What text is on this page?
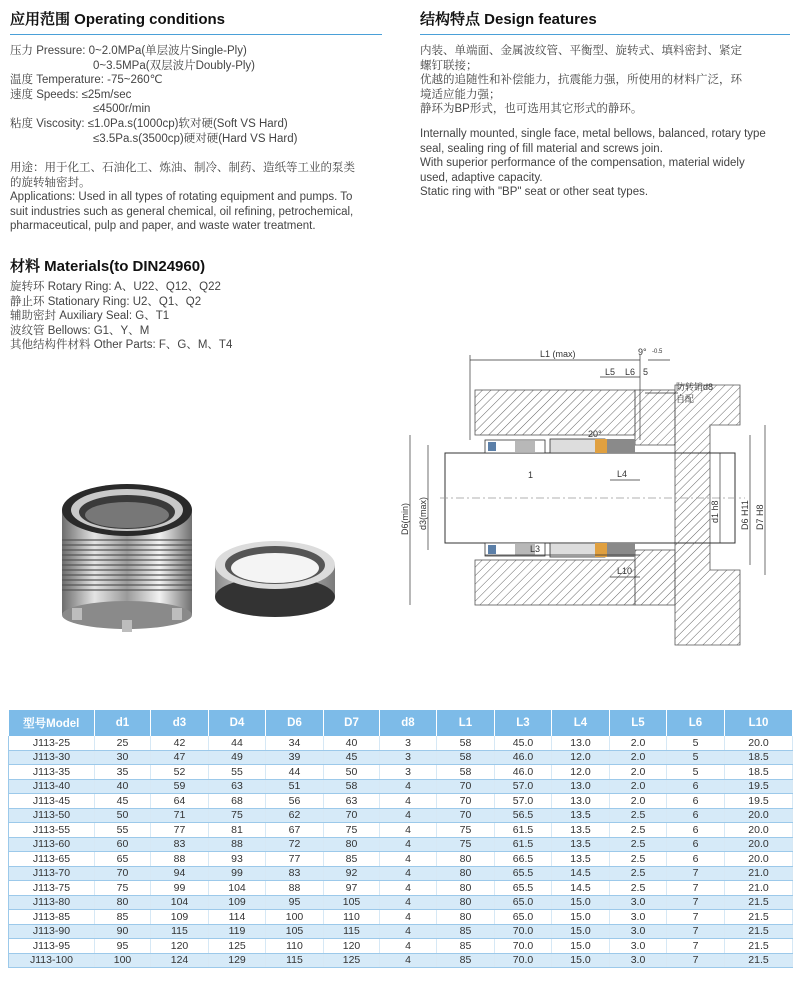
应用范围 Operating conditions
压力 Pressure: 0~2.0MPa(单层波片Single-Ply)
0~3.5MPa(双层波片Doubly-Ply)
温度 Temperature: -75~260℃
速度 Speeds: ≤25m/sec
≤4500r/min
粘度 Viscosity: ≤1.0Pa.s(1000cp)软对硬(Soft VS Hard)
≤3.5Pa.s(3500cp)硬对硬(Hard VS Hard)
用途：用于化工、石油化工、炼油、制冷、制药、造纸等工业的泵类
的旋转轴密封。
Applications: Used in all types of rotating equipment and pumps. To
suit industries such as general chemical, oil refining, petrochemical,
pharmaceutical, pulp and paper, and waste water treatment.
材料 Materials(to DIN24960)
旋转环 Rotary Ring: A、U22、Q12、Q22
静止环 Stationary Ring: U2、Q1、Q2
辅助密封 Auxiliary Seal: G、T1
波纹管 Bellows: G1、Y、M
其他结构件材料 Other Parts: F、G、M、T4
结构特点 Design features
内装、单端面、金属波纹管、平衡型、旋转式、填料密封、紧定
螺钉联接；
优越的追随性和补偿能力，抗震能力强，所使用的材料广泛，环
境适应能力强；
静环为BP形式，也可选用其它形式的静环。
Internally mounted, single face, metal bellows, balanced, rotary type
seal, sealing ring of fill material and screws join.
With superior performance of the compensation, material widely
used, adaptive capacity.
Static ring with "BP" seat or other seat types.
L1 (max)	9° -0.5
L5 L6 5
防转销d8
自配
20°
1	L4
L3
L10
D6(min) d3(max)	d1 h8 D6 H11 D7 H8
型号Model	d1	d3	D4	D6	D7	d8	L1	L3	L4	L5	L6	L10
J113-25	25	42	44	34	40	3	58	45.0	13.0	2.0	5	20.0
J113-30	30	47	49	39	45	3	58	46.0	12.0	2.0	5	18.5
J113-35	35	52	55	44	50	3	58	46.0	12.0	2.0	5	18.5
J113-40	40	59	63	51	58	4	70	57.0	13.0	2.0	6	19.5
J113-45	45	64	68	56	63	4	70	57.0	13.0	2.0	6	19.5
J113-50	50	71	75	62	70	4	70	56.5	13.5	2.5	6	20.0
J113-55	55	77	81	67	75	4	75	61.5	13.5	2.5	6	20.0
J113-60	60	83	88	72	80	4	75	61.5	13.5	2.5	6	20.0
J113-65	65	88	93	77	85	4	80	66.5	13.5	2.5	6	20.0
J113-70	70	94	99	83	92	4	80	65.5	14.5	2.5	7	21.0
J113-75	75	99	104	88	97	4	80	65.5	14.5	2.5	7	21.0
J113-80	80	104	109	95	105	4	80	65.0	15.0	3.0	7	21.5
J113-85	85	109	114	100	110	4	80	65.0	15.0	3.0	7	21.5
J113-90	90	115	119	105	115	4	85	70.0	15.0	3.0	7	21.5
J113-95	95	120	125	110	120	4	85	70.0	15.0	3.0	7	21.5
J113-100	100	124	129	115	125	4	85	70.0	15.0	3.0	7	21.5
